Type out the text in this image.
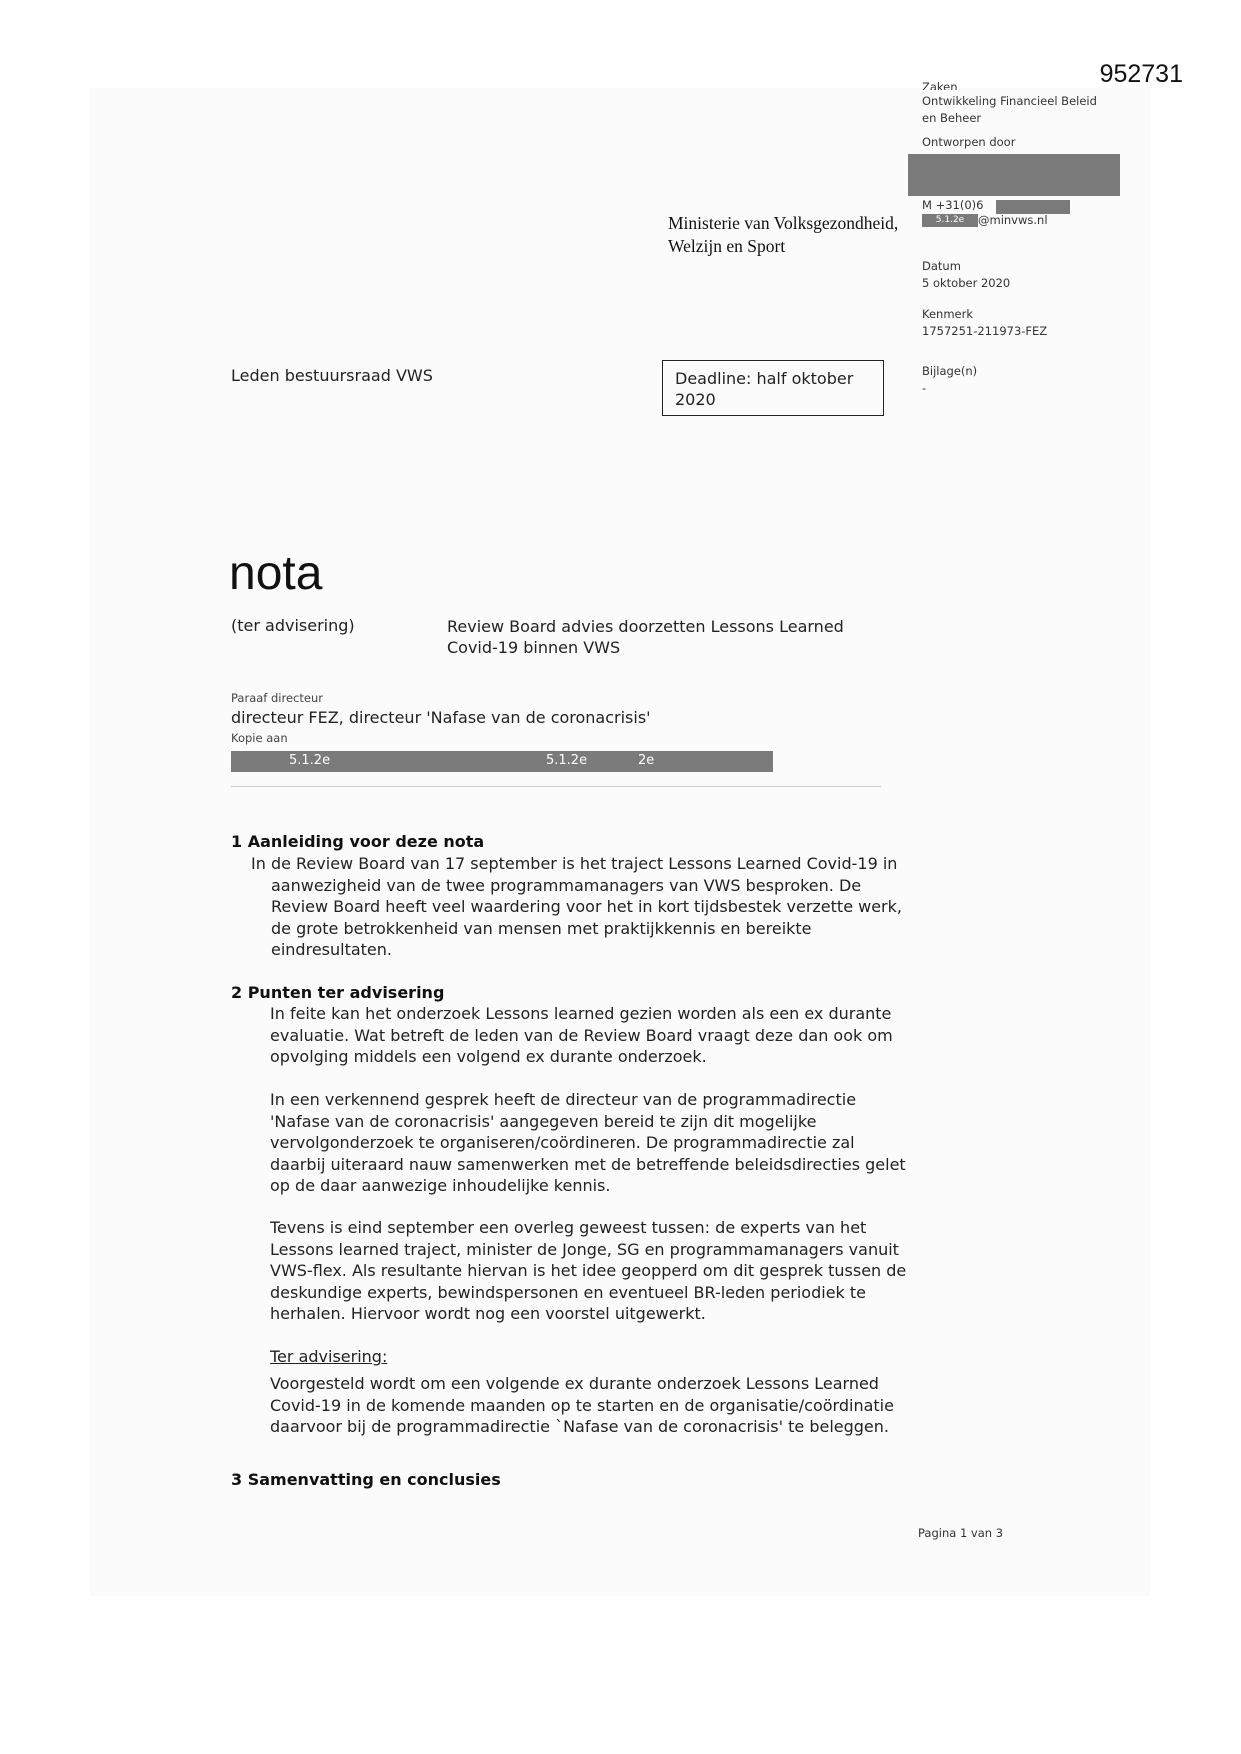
952731
Zaken
Ontwikkeling Financieel Beleid en Beheer
Ontworpen door
M +31(0)6
5.1.2e	@minvws.nl
Datum
5 oktober 2020
Kenmerk
1757251-211973-FEZ
Bijlage(n)
-
Ministerie van Volksgezondheid,
Welzijn en Sport
Leden bestuursraad VWS	Deadline: half oktober 2020
nota
(ter advisering)	Review Board advies doorzetten Lessons Learned Covid-19 binnen VWS
Paraaf directeur
directeur FEZ, directeur 'Nafase van de coronacrisis'
Kopie aan
5.1.2e	5.1.2e	2e
1 Aanleiding voor deze nota
In de Review Board van 17 september is het traject Lessons Learned Covid-19 in aanwezigheid van de twee programmamanagers van VWS besproken. De Review Board heeft veel waardering voor het in kort tijdsbestek verzette werk, de grote betrokkenheid van mensen met praktijkkennis en bereikte eindresultaten.
2 Punten ter advisering
In feite kan het onderzoek Lessons learned gezien worden als een ex durante evaluatie. Wat betreft de leden van de Review Board vraagt deze dan ook om opvolging middels een volgend ex durante onderzoek.
In een verkennend gesprek heeft de directeur van de programmadirectie 'Nafase van de coronacrisis' aangegeven bereid te zijn dit mogelijke vervolgonderzoek te organiseren/coördineren. De programmadirectie zal daarbij uiteraard nauw samenwerken met de betreffende beleidsdirecties gelet op de daar aanwezige inhoudelijke kennis.
Tevens is eind september een overleg geweest tussen: de experts van het Lessons learned traject, minister de Jonge, SG en programmamanagers vanuit VWS-flex. Als resultante hiervan is het idee geopperd om dit gesprek tussen de deskundige experts, bewindspersonen en eventueel BR-leden periodiek te herhalen. Hiervoor wordt nog een voorstel uitgewerkt.
Ter advisering:
Voorgesteld wordt om een volgende ex durante onderzoek Lessons Learned Covid-19 in de komende maanden op te starten en de organisatie/coördinatie daarvoor bij de programmadirectie `Nafase van de coronacrisis' te beleggen.
3 Samenvatting en conclusies
Pagina 1 van 3
